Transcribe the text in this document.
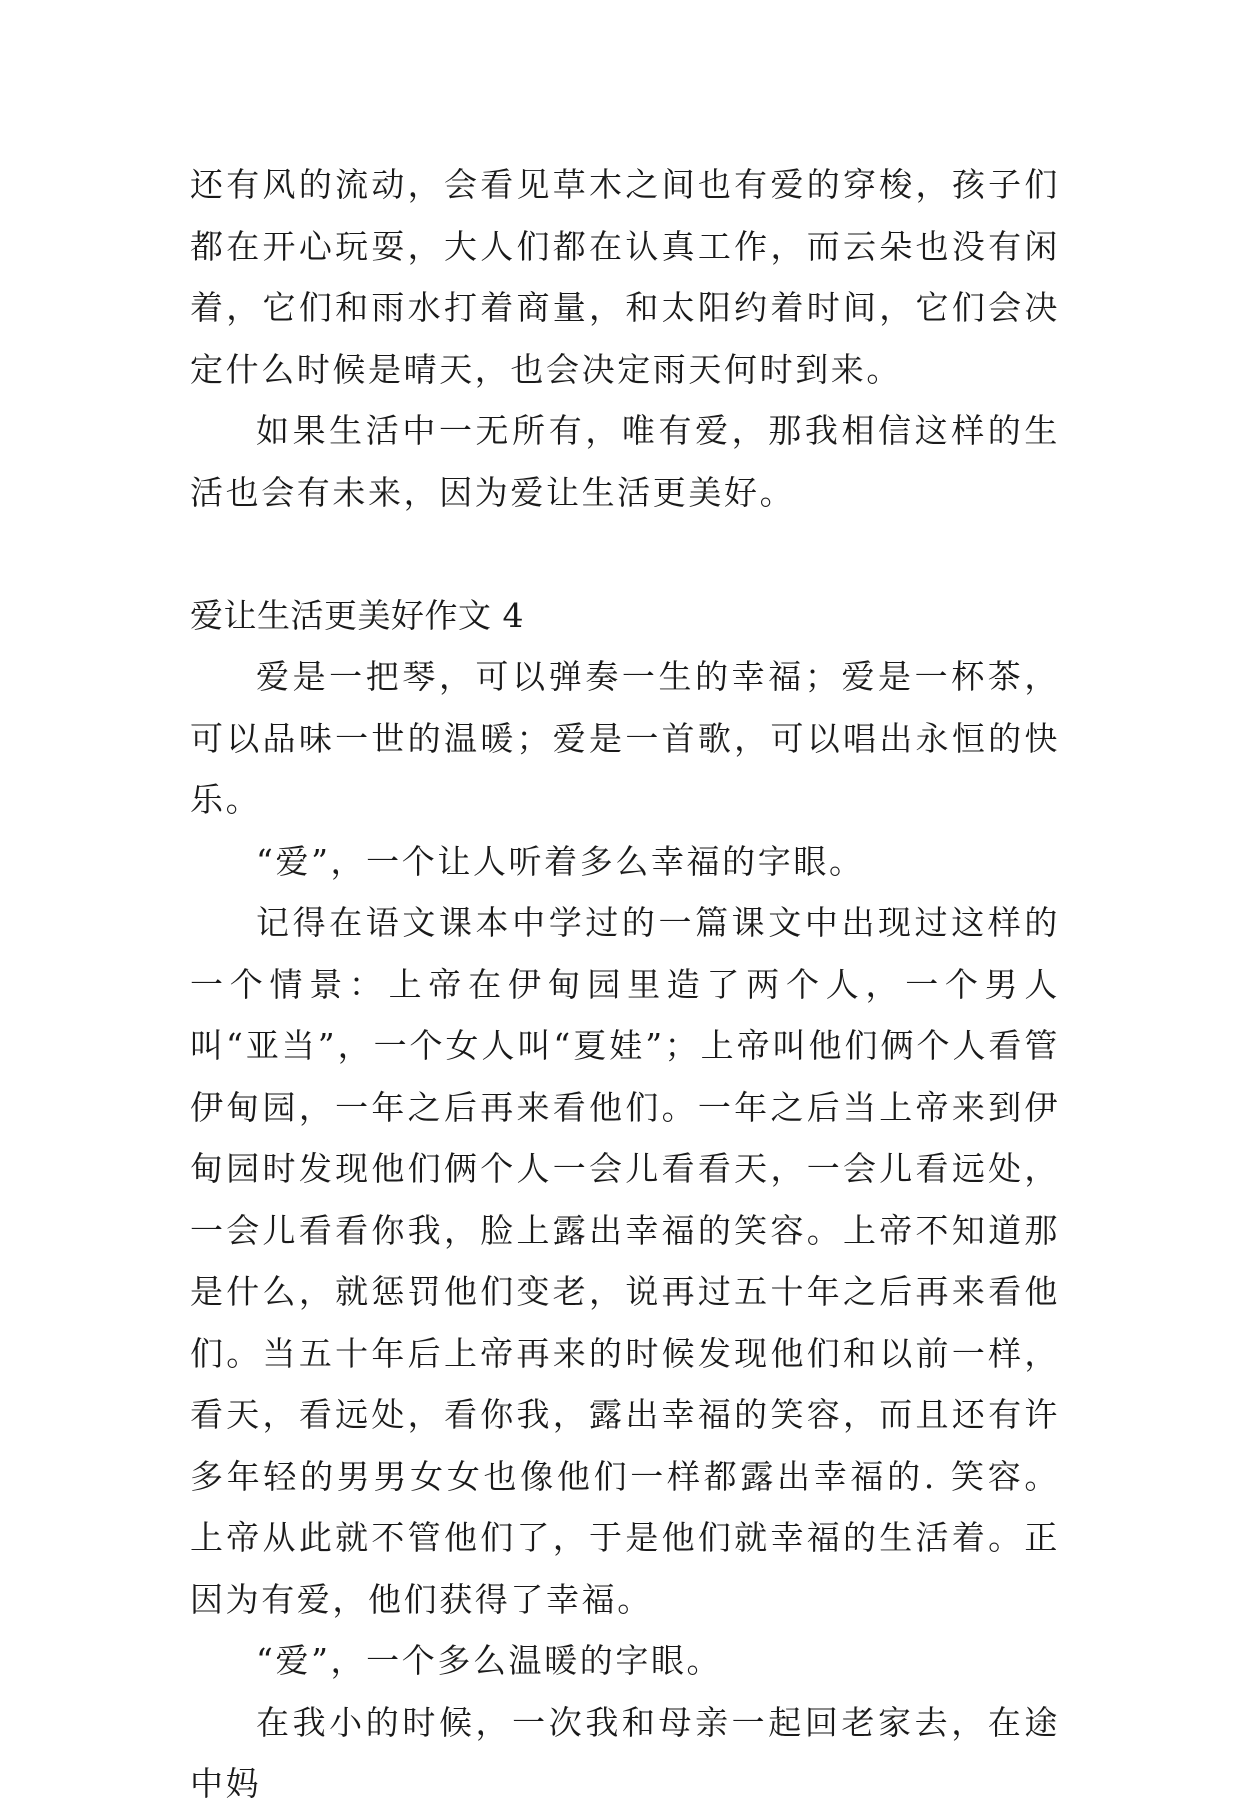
还有风的流动，会看见草木之间也有爱的穿梭，孩子们都在开心玩耍，大人们都在认真工作，而云朵也没有闲着，它们和雨水打着商量，和太阳约着时间，它们会决定什么时候是晴天，也会决定雨天何时到来。

如果生活中一无所有，唯有爱，那我相信这样的生活也会有未来，因为爱让生活更美好。

爱让生活更美好作文 4

爱是一把琴，可以弹奏一生的幸福；爱是一杯茶，可以品味一世的温暖；爱是一首歌，可以唱出永恒的快乐。

“爱”，一个让人听着多么幸福的字眼。

记得在语文课本中学过的一篇课文中出现过这样的一个情景：上帝在伊甸园里造了两个人，一个男人叫“亚当”，一个女人叫“夏娃”；上帝叫他们俩个人看管伊甸园，一年之后再来看他们。一年之后当上帝来到伊甸园时发现他们俩个人一会儿看看天，一会儿看远处，一会儿看看你我，脸上露出幸福的笑容。上帝不知道那是什么，就惩罚他们变老，说再过五十年之后再来看他们。当五十年后上帝再来的时候发现他们和以前一样，看天，看远处，看你我，露出幸福的笑容，而且还有许多年轻的男男女女也像他们一样都露出幸福的. 笑容。上帝从此就不管他们了，于是他们就幸福的生活着。正因为有爱，他们获得了幸福。

“爱”，一个多么温暖的字眼。

在我小的时候，一次我和母亲一起回老家去，在途中妈
